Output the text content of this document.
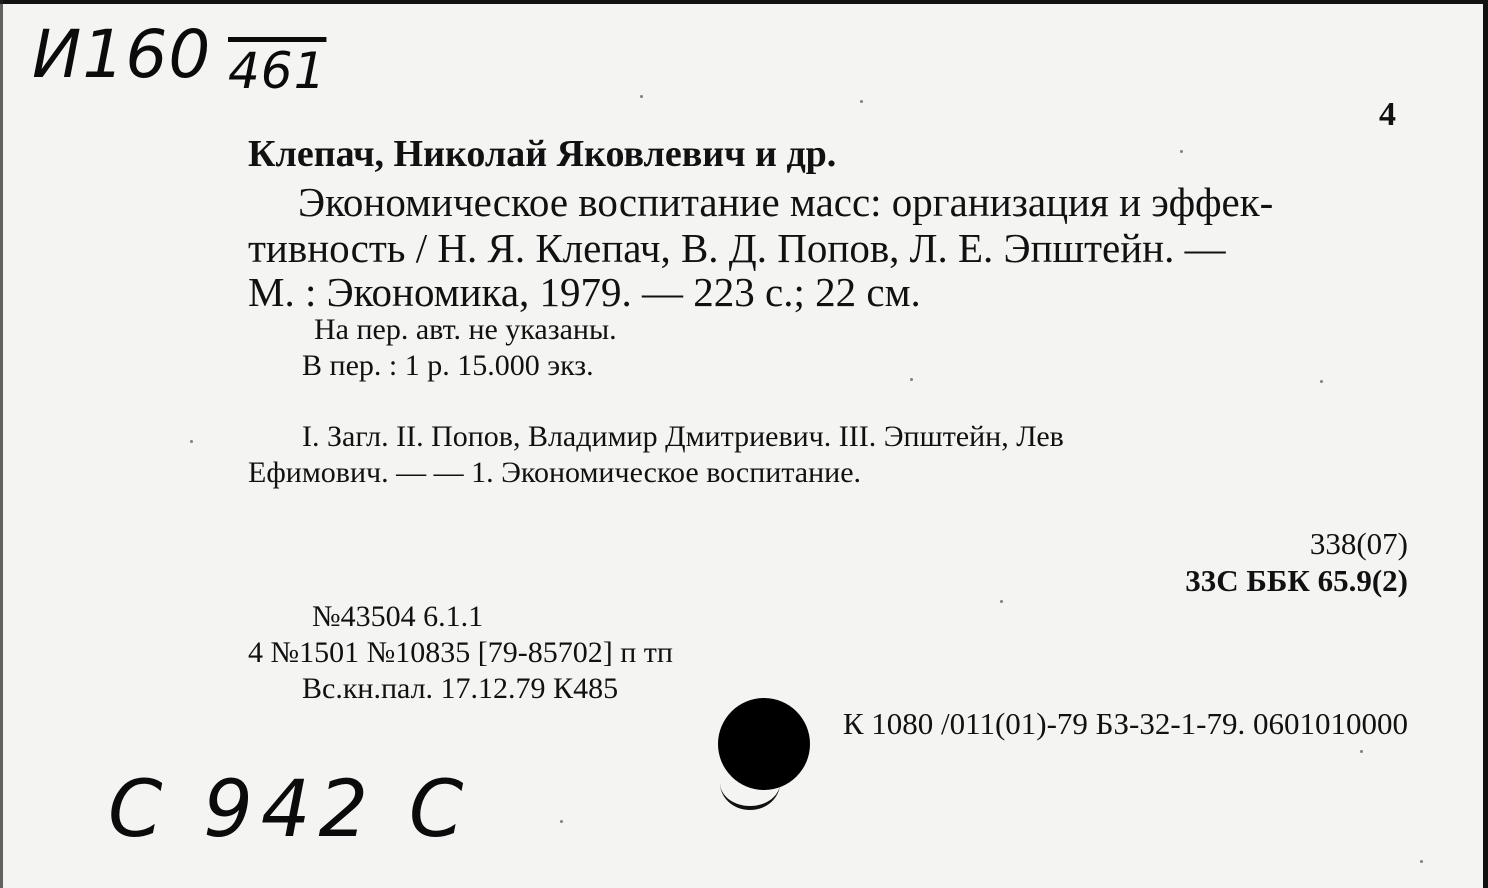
И160 461
4
Клепач, Николай Яковлевич и др.
Экономическое воспитание масс: организация и эффек-
тивность / Н. Я. Клепач, В. Д. Попов, Л. Е. Эпштейн. —
М. : Экономика, 1979. — 223 с.; 22 см.
На пер. авт. не указаны.
В пер. : 1 р. 15.000 экз.
I. Загл. II. Попов, Владимир Дмитриевич. III. Эпштейн, Лев
Ефимович. — — 1. Экономическое воспитание.
338(07)
33С ББК 65.9(2)
№43504 6.1.1
4 №1501 №10835 [79-85702] п тп
Вс.кн.пал. 17.12.79 К485
К 1080 /011(01)-79 БЗ-32-1-79. 0601010000
С 942 С
